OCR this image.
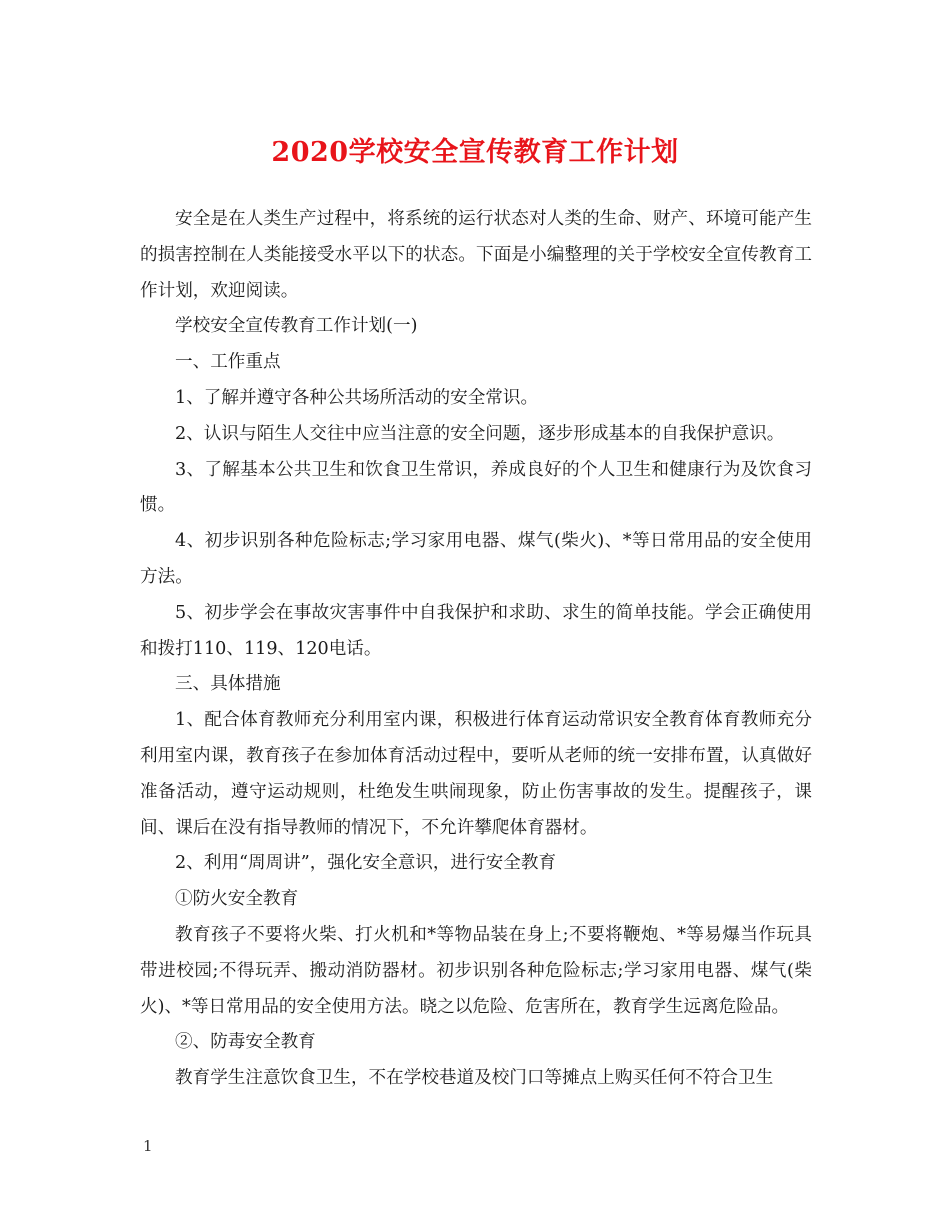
2020学校安全宣传教育工作计划

安全是在人类生产过程中，将系统的运行状态对人类的生命、财产、环境可能产生的损害控制在人类能接受水平以下的状态。下面是小编整理的关于学校安全宣传教育工作计划，欢迎阅读。

学校安全宣传教育工作计划(一)

一、工作重点

1、了解并遵守各种公共场所活动的安全常识。

2、认识与陌生人交往中应当注意的安全问题，逐步形成基本的自我保护意识。

3、了解基本公共卫生和饮食卫生常识，养成良好的个人卫生和健康行为及饮食习惯。

4、初步识别各种危险标志;学习家用电器、煤气(柴火)、*等日常用品的安全使用方法。

5、初步学会在事故灾害事件中自我保护和求助、求生的简单技能。学会正确使用和拨打110、119、120电话。

三、具体措施

1、配合体育教师充分利用室内课，积极进行体育运动常识安全教育体育教师充分利用室内课，教育孩子在参加体育活动过程中，要听从老师的统一安排布置，认真做好准备活动，遵守运动规则，杜绝发生哄闹现象，防止伤害事故的发生。提醒孩子，课间、课后在没有指导教师的情况下，不允许攀爬体育器材。

2、利用“周周讲”，强化安全意识，进行安全教育

①防火安全教育

教育孩子不要将火柴、打火机和*等物品装在身上;不要将鞭炮、*等易爆当作玩具带进校园;不得玩弄、搬动消防器材。初步识别各种危险标志;学习家用电器、煤气(柴火)、*等日常用品的安全使用方法。晓之以危险、危害所在，教育学生远离危险品。

②、防毒安全教育

教育学生注意饮食卫生，不在学校巷道及校门口等摊点上购买任何不符合卫生

1
